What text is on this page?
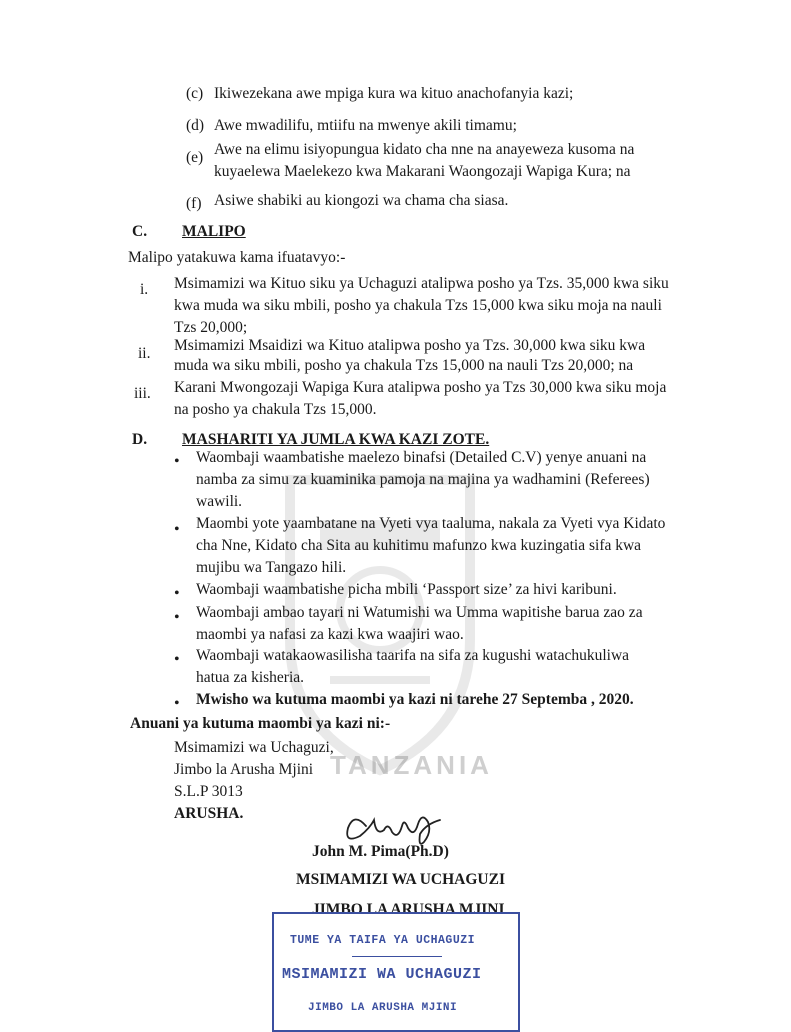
TANZANIA
(c) Ikiwezekana awe mpiga kura wa kituo anachofanyia kazi;
(d) Awe mwadilifu, mtiifu na mwenye akili timamu;
(e) Awe na elimu isiyopungua kidato cha nne na anayeweza kusoma na
kuyaelewa Maelekezo kwa Makarani Waongozaji Wapiga Kura; na
(f) Asiwe shabiki au kiongozi wa chama cha siasa.
C. MALIPO
Malipo yatakuwa kama ifuatavyo:-
i. Msimamizi wa Kituo siku ya Uchaguzi atalipwa posho ya Tzs. 35,000 kwa siku
kwa muda wa siku mbili, posho ya chakula Tzs 15,000 kwa siku moja na nauli
Tzs 20,000;
ii. Msimamizi Msaidizi wa Kituo atalipwa posho ya Tzs. 30,000 kwa siku kwa
muda wa siku mbili, posho ya chakula Tzs 15,000 na nauli Tzs 20,000; na
iii. Karani Mwongozaji Wapiga Kura atalipwa posho ya Tzs 30,000 kwa siku moja
na posho ya chakula Tzs 15,000.
D. MASHARITI YA JUMLA KWA KAZI ZOTE.
• Waombaji waambatishe maelezo binafsi (Detailed C.V) yenye anuani na
namba za simu za kuaminika pamoja na majina ya wadhamini (Referees)
wawili.
• Maombi yote yaambatane na Vyeti vya taaluma, nakala za Vyeti vya Kidato
cha Nne, Kidato cha Sita au kuhitimu mafunzo kwa kuzingatia sifa kwa
mujibu wa Tangazo hili.
• Waombaji waambatishe picha mbili ‘Passport size’ za hivi karibuni.
• Waombaji ambao tayari ni Watumishi wa Umma wapitishe barua zao za
maombi ya nafasi za kazi kwa waajiri wao.
• Waombaji watakaowasilisha taarifa na sifa za kugushi watachukuliwa
hatua za kisheria.
• Mwisho wa kutuma maombi ya kazi ni tarehe 27 Septemba , 2020.
Anuani ya kutuma maombi ya kazi ni:-
Msimamizi wa Uchaguzi,
Jimbo la Arusha Mjini
S.L.P 3013
ARUSHA.
John M. Pima(Ph.D)
MSIMAMIZI WA UCHAGUZI
JIMBO LA ARUSHA MJINI
TUME YA TAIFA YA UCHAGUZI
MSIMAMIZI WA UCHAGUZI
JIMBO LA ARUSHA MJINI
